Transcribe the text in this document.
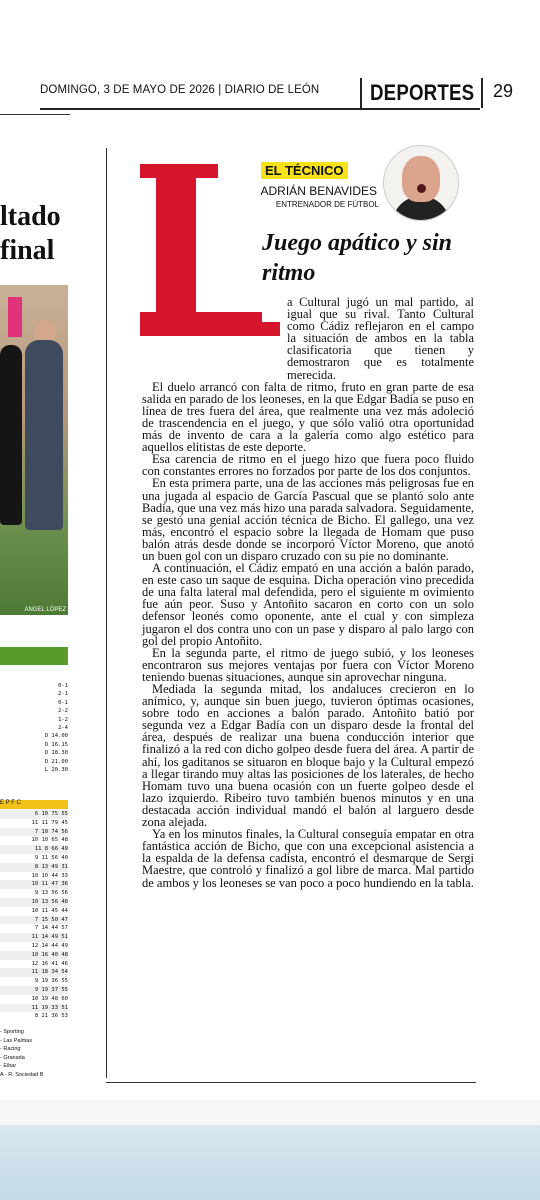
DOMINGO, 3 DE MAYO DE 2026 | DIARIO DE LEÓN DEPORTES 29
ltado
final
ANGEL LÓPEZ
0-1
2-1
0-1
2-2
1-2
2-4
D 14.00
D 16.15
D 18.30
D 21.00
L 20.30
E P F C
6 10 75 55
11 11 79 45
7 10 74 56
10 10 65 48
11 8 66 49
9 11 56 40
8 13 49 31
10 10 44 33
10 11 47 36
9 13 56 56
10 13 56 48
10 11 45 44
7 15 50 47
7 14 44 57
11 14 49 51
12 14 44 49
10 16 40 48
12 16 41 46
11 18 34 54
9 19 36 55
9 19 37 55
10 19 48 60
11 19 33 51
8 21 36 53
- Sporting
- Las Palmas
- Racing
- Granada
- Eibar
A - R. Sociedad B
EL TÉCNICO
ADRIÁN BENAVIDES
ENTRENADOR DE FÚTBOL
Juego apático y sin ritmo

a Cultural jugó un mal partido, al igual que su rival. Tanto Cultural como Cádiz reflejaron en el campo la situación de ambos en la tabla clasificatoria que tienen y demostraron que es totalmente merecida.

El duelo arrancó con falta de ritmo, fruto en gran parte de esa salida en parado de los leoneses, en la que Edgar Badía se puso en línea de tres fuera del área, que realmente una vez más adoleció de trascendencia en el juego, y que sólo valió otra oportunidad más de invento de cara a la galería como algo estético para aquellos elitistas de este deporte.

Esa carencia de ritmo en el juego hizo que fuera poco fluido con constantes errores no forzados por parte de los dos conjuntos.

En esta primera parte, una de las acciones más peligrosas fue en una jugada al espacio de García Pascual que se plantó solo ante Badía, que una vez más hizo una parada salvadora. Seguidamente, se gestó una genial acción técnica de Bicho. El gallego, una vez más, encontró el espacio sobre la llegada de Homam que puso balón atrás desde donde se incorporó Víctor Moreno, que anotó un buen gol con un disparo cruzado con su pie no dominante.

A continuación, el Cádiz empató en una acción a balón parado, en este caso un saque de esquina. Dicha operación vino precedida de una falta lateral mal defendida, pero el siguiente m ovimiento fue aún peor. Suso y Antoñito sacaron en corto con un solo defensor leonés como oponente, ante el cual y con simpleza jugaron el dos contra uno con un pase y disparo al palo largo con gol del propio Antoñito.

En la segunda parte, el ritmo de juego subió, y los leoneses encontraron sus mejores ventajas por fuera con Víctor Moreno teniendo buenas situaciones, aunque sin aprovechar ninguna.

Mediada la segunda mitad, los andaluces crecieron en lo anímico, y, aunque sin buen juego, tuvieron óptimas ocasiones, sobre todo en acciones a balón parado. Antoñito batió por segunda vez a Edgar Badía con un disparo desde la frontal del área, después de realizar una buena conducción interior que finalizó a la red con dicho golpeo desde fuera del área. A partir de ahí, los gaditanos se situaron en bloque bajo y la Cultural empezó a llegar tirando muy altas las posiciones de los laterales, de hecho Homam tuvo una buena ocasión con un fuerte golpeo desde el lazo izquierdo. Ribeiro tuvo también buenos minutos y en una destacada acción individual mandó el balón al larguero desde zona alejada.

Ya en los minutos finales, la Cultural conseguía empatar en otra fantástica acción de Bicho, que con una excepcional asistencia a la espalda de la defensa cadista, encontró el desmarque de Sergi Maestre, que controló y finalizó a gol libre de marca. Mal partido de ambos y los leoneses se van poco a poco hundiendo en la tabla.
